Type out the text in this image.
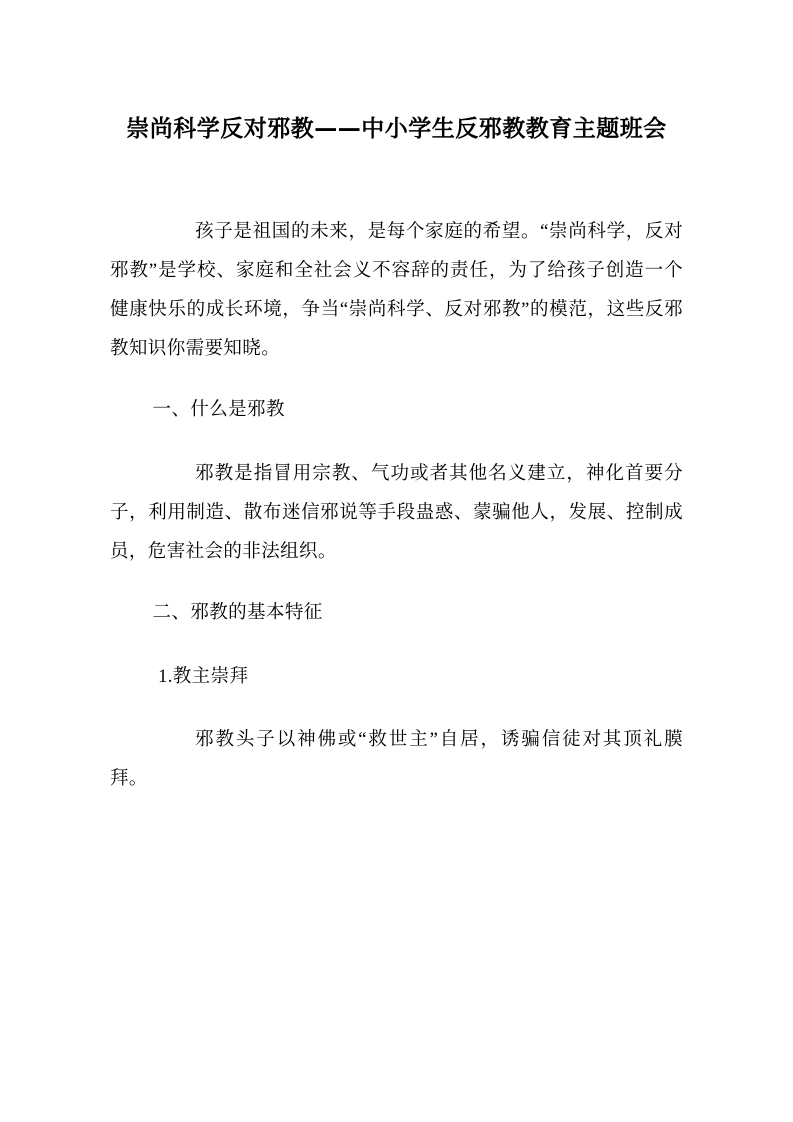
崇尚科学反对邪教——中小学生反邪教教育主题班会

孩子是祖国的未来，是每个家庭的希望。“崇尚科学，反对邪教”是学校、家庭和全社会义不容辞的责任，为了给孩子创造一个健康快乐的成长环境，争当“崇尚科学、反对邪教”的模范，这些反邪教知识你需要知晓。

一、什么是邪教

邪教是指冒用宗教、气功或者其他名义建立，神化首要分子，利用制造、散布迷信邪说等手段蛊惑、蒙骗他人，发展、控制成员，危害社会的非法组织。

二、邪教的基本特征

1.教主崇拜

邪教头子以神佛或“救世主”自居，诱骗信徒对其顶礼膜拜。
